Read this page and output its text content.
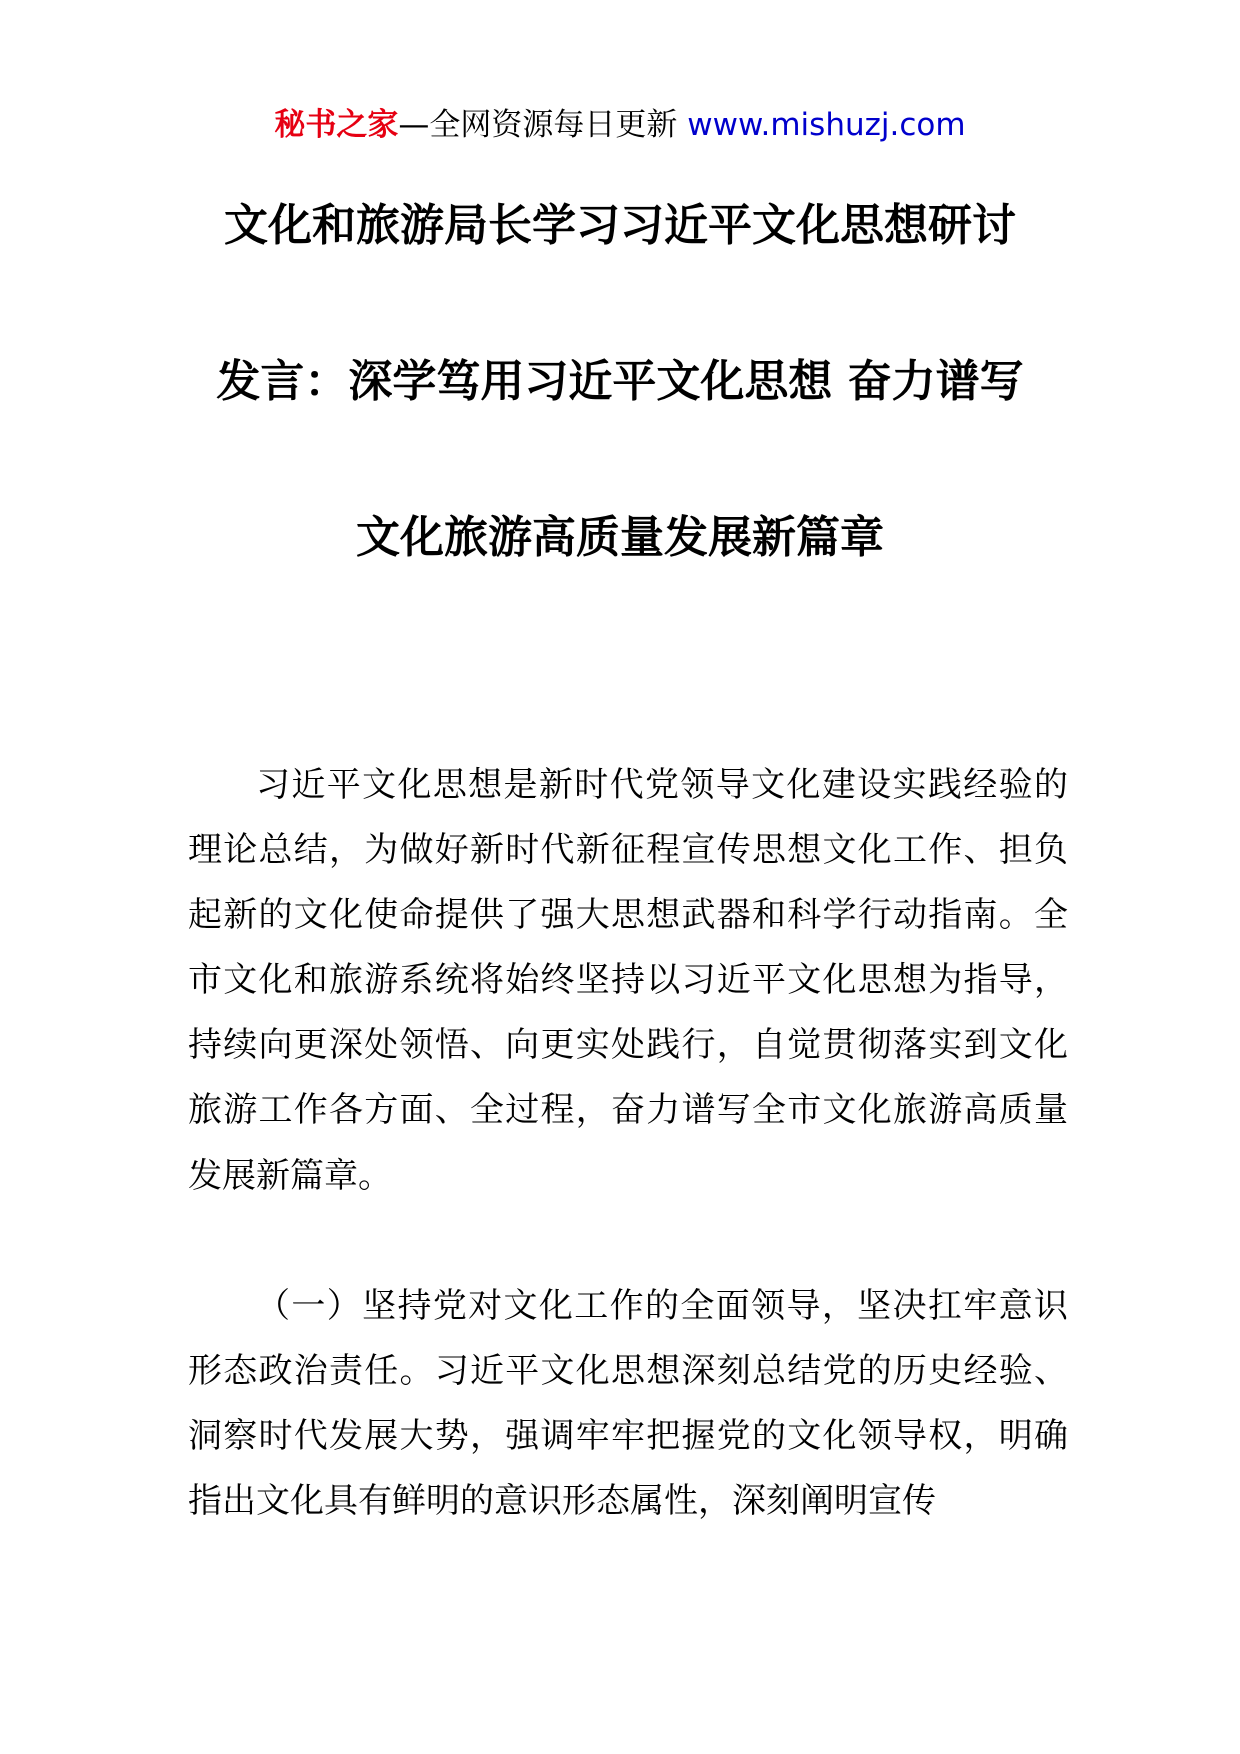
秘书之家—全网资源每日更新 www.mishuzj.com
文化和旅游局长学习习近平文化思想研讨
发言：深学笃用习近平文化思想 奋力谱写
文化旅游高质量发展新篇章

习近平文化思想是新时代党领导文化建设实践经验的理论总结，为做好新时代新征程宣传思想文化工作、担负起新的文化使命提供了强大思想武器和科学行动指南。全市文化和旅游系统将始终坚持以习近平文化思想为指导，持续向更深处领悟、向更实处践行，自觉贯彻落实到文化旅游工作各方面、全过程，奋力谱写全市文化旅游高质量发展新篇章。

（一）坚持党对文化工作的全面领导，坚决扛牢意识形态政治责任。习近平文化思想深刻总结党的历史经验、洞察时代发展大势，强调牢牢把握党的文化领导权，明确指出文化具有鲜明的意识形态属性，深刻阐明宣传
